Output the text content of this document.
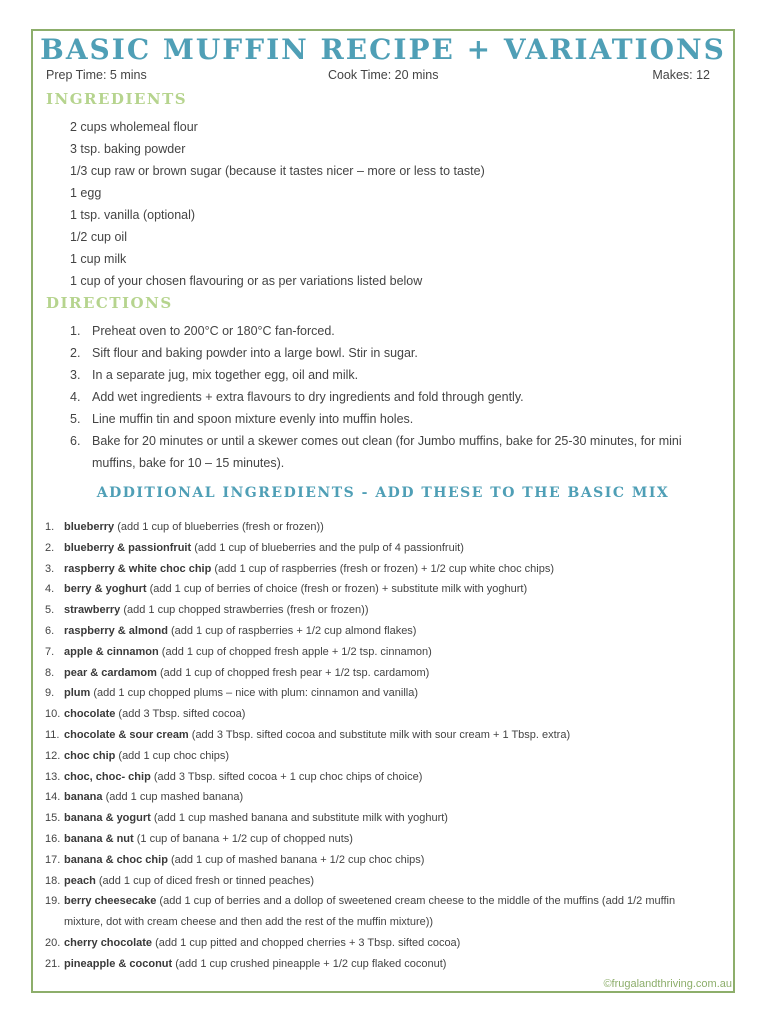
BASIC MUFFIN RECIPE + VARIATIONS
Prep Time: 5 mins	Cook Time: 20 mins	Makes: 12
INGREDIENTS
2 cups wholemeal flour
3 tsp. baking powder
1/3 cup raw or brown sugar (because it tastes nicer – more or less to taste)
1 egg
1 tsp. vanilla (optional)
1/2 cup oil
1 cup milk
1 cup of your chosen flavouring or as per variations listed below
DIRECTIONS
1. Preheat oven to 200°C or 180°C fan-forced.
2. Sift flour and baking powder into a large bowl. Stir in sugar.
3. In a separate jug, mix together egg, oil and milk.
4. Add wet ingredients + extra flavours to dry ingredients and fold through gently.
5. Line muffin tin and spoon mixture evenly into muffin holes.
6. Bake for 20 minutes or until a skewer comes out clean (for Jumbo muffins, bake for 25-30 minutes, for mini muffins, bake for 10 – 15 minutes).
ADDITIONAL INGREDIENTS - ADD THESE TO THE BASIC MIX
1. blueberry (add 1 cup of blueberries (fresh or frozen))
2. blueberry & passionfruit (add 1 cup of blueberries and the pulp of 4 passionfruit)
3. raspberry & white choc chip (add 1 cup of raspberries (fresh or frozen) + 1/2 cup white choc chips)
4. berry & yoghurt (add 1 cup of berries of choice (fresh or frozen) + substitute milk with yoghurt)
5. strawberry (add 1 cup chopped strawberries (fresh or frozen))
6. raspberry & almond (add 1 cup of raspberries + 1/2 cup almond flakes)
7. apple & cinnamon (add 1 cup of chopped fresh apple + 1/2 tsp. cinnamon)
8. pear & cardamom (add 1 cup of chopped fresh pear + 1/2 tsp. cardamom)
9. plum (add 1 cup chopped plums – nice with plum: cinnamon and vanilla)
10. chocolate (add 3 Tbsp. sifted cocoa)
11. chocolate & sour cream (add 3 Tbsp. sifted cocoa and substitute milk with sour cream + 1 Tbsp. extra)
12. choc chip (add 1 cup choc chips)
13. choc, choc- chip (add 3 Tbsp. sifted cocoa + 1 cup choc chips of choice)
14. banana (add 1 cup mashed banana)
15. banana & yogurt (add 1 cup mashed banana and substitute milk with yoghurt)
16. banana & nut (1 cup of banana + 1/2 cup of chopped nuts)
17. banana & choc chip (add 1 cup of mashed banana + 1/2 cup choc chips)
18. peach (add 1 cup of diced fresh or tinned peaches)
19. berry cheesecake (add 1 cup of berries and a dollop of sweetened cream cheese to the middle of the muffins (add 1/2 muffin mixture, dot with cream cheese and then add the rest of the muffin mixture))
20. cherry chocolate (add 1 cup pitted and chopped cherries + 3 Tbsp. sifted cocoa)
21. pineapple & coconut (add 1 cup crushed pineapple + 1/2 cup flaked coconut)
©frugalandthriving.com.au
